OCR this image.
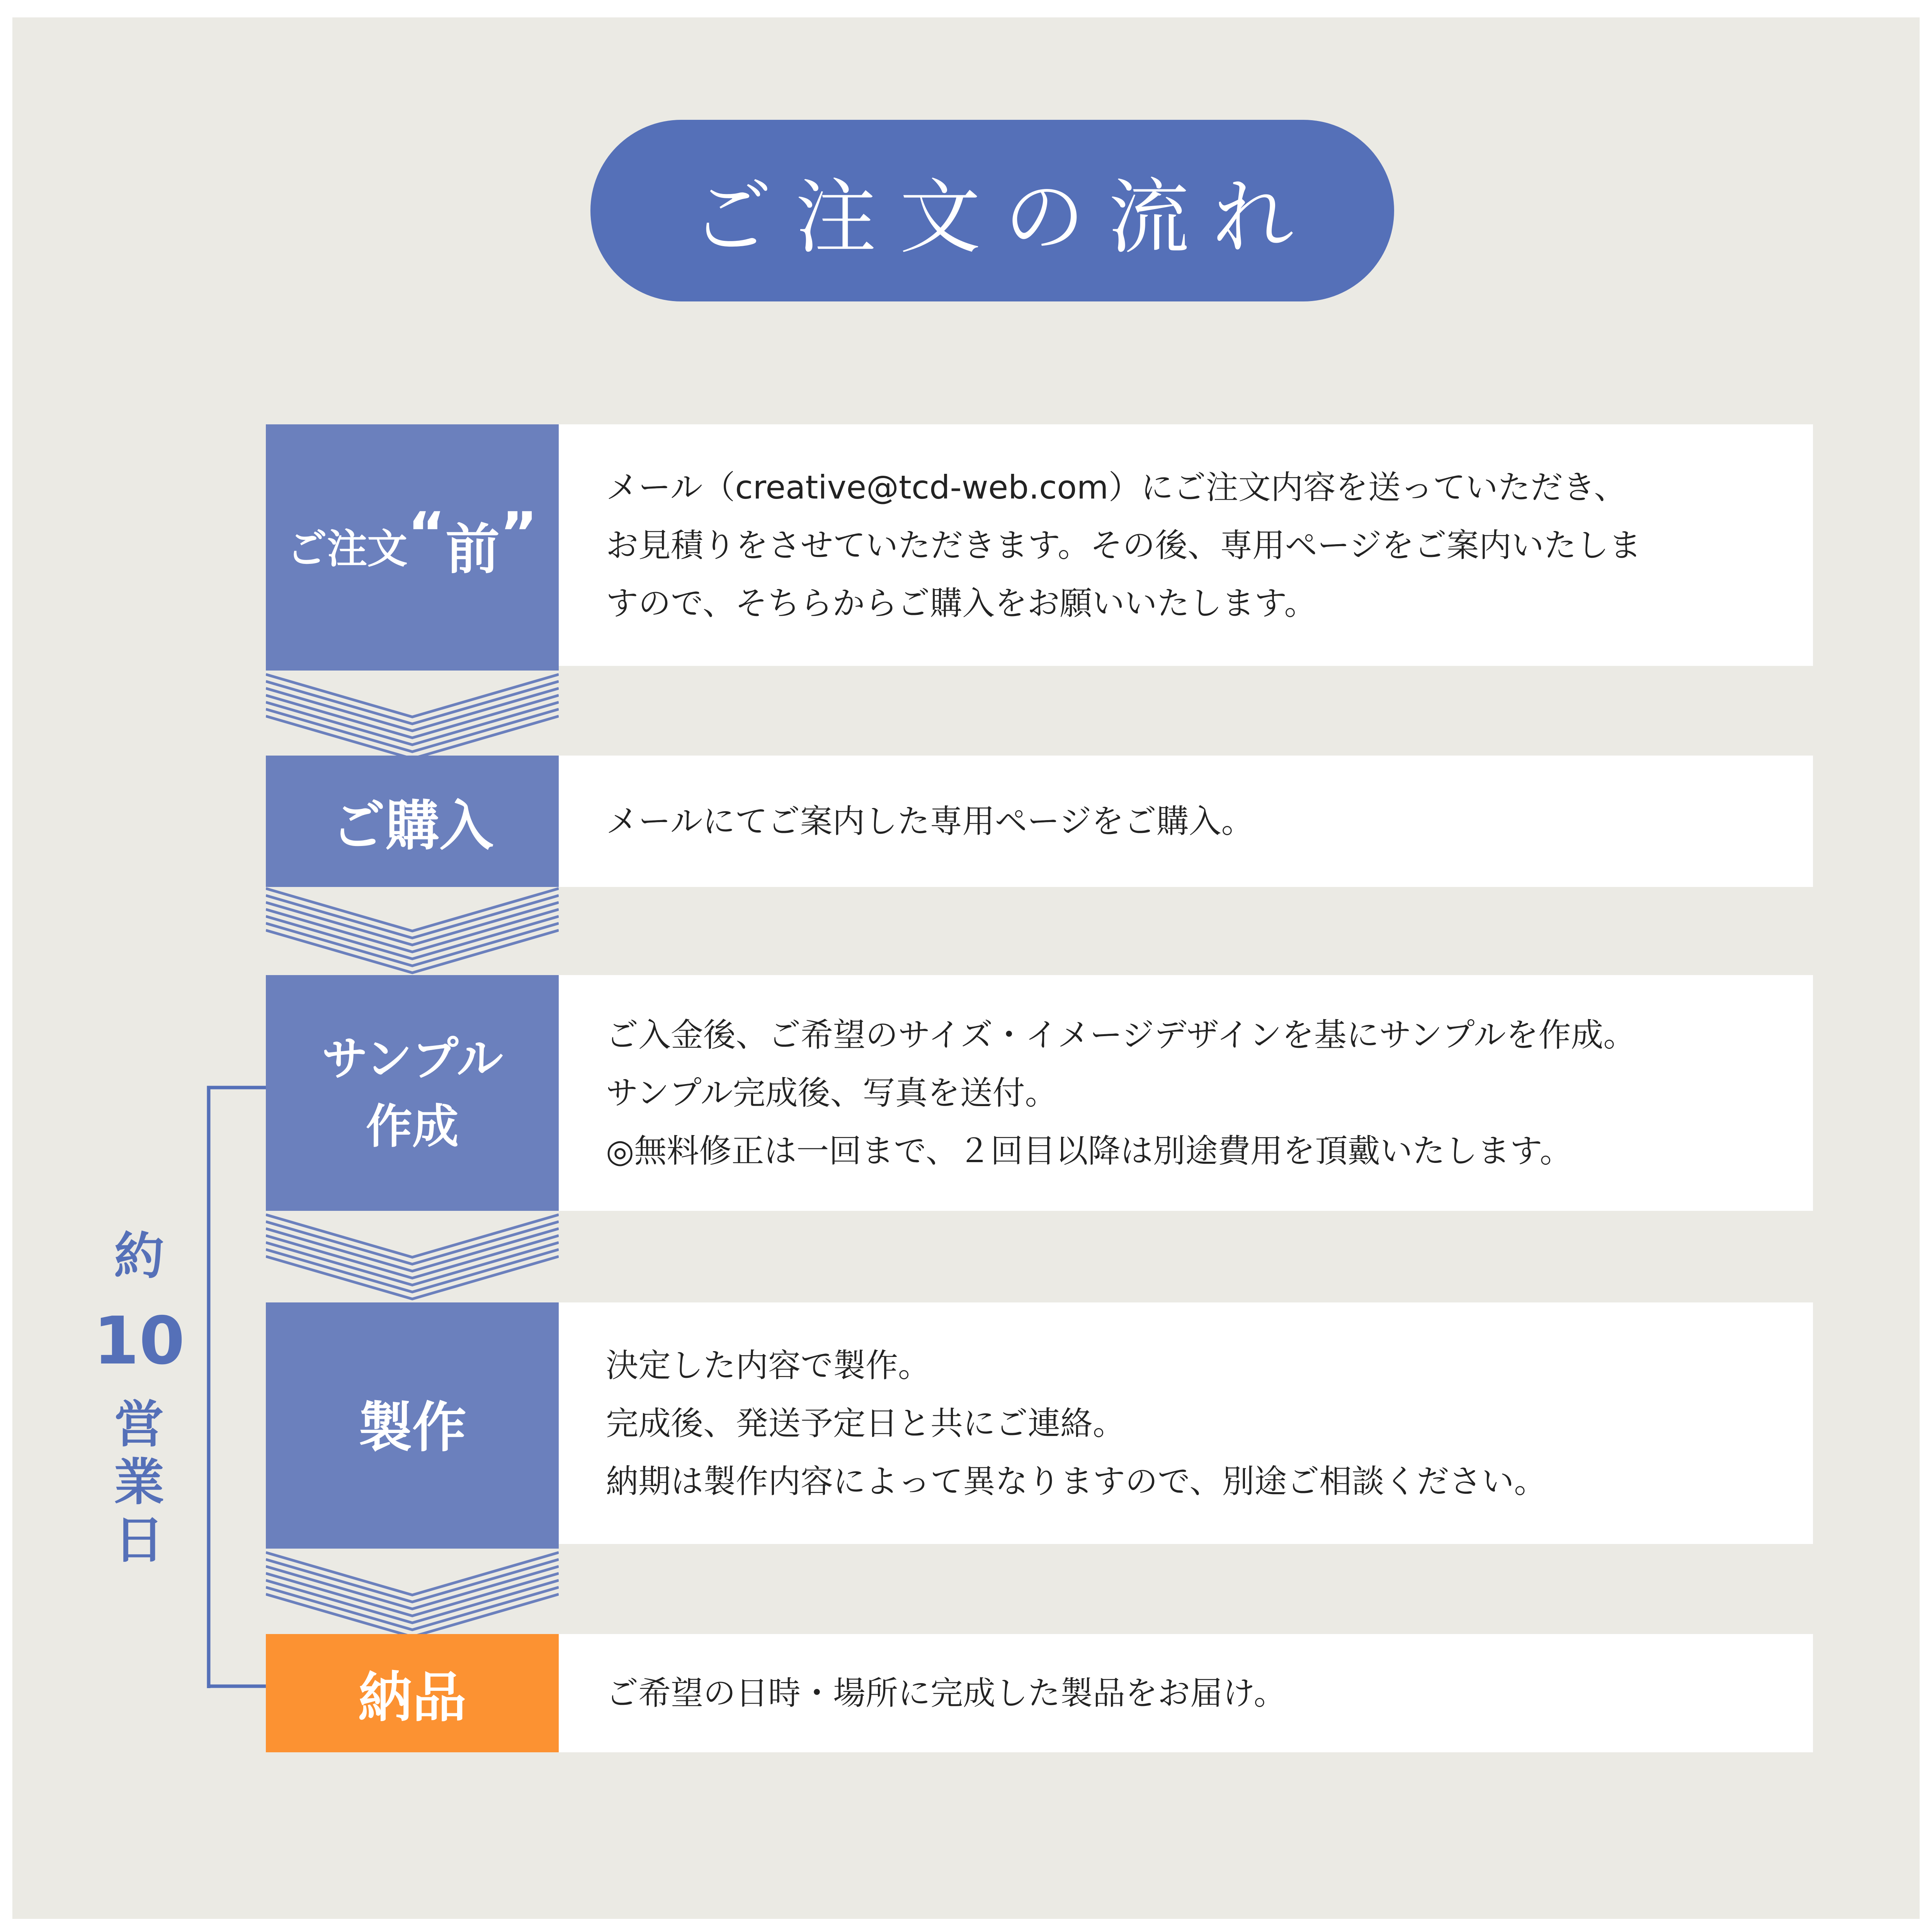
ご注文の流れ
ご注文 “ 前 ”
メール（creative@tcd-web.com）にご注文内容を送っていただき、
お見積りをさせていただきます。その後、専用ページをご案内いたしま
すので、そちらからご購入をお願いいたします。
ご購入	メールにてご案内した専用ページをご購入。
サンプル
作成
ご入金後、ご希望のサイズ・イメージデザインを基にサンプルを作成。
サンプル完成後、写真を送付。
◎無料修正は一回まで、２回目以降は別途費用を頂戴いたします。
製作
決定した内容で製作。
完成後、発送予定日と共にご連絡。
納期は製作内容によって異なりますので、別途ご相談ください。
納品	ご希望の日時・場所に完成した製品をお届け。
約
10
営
業
日
